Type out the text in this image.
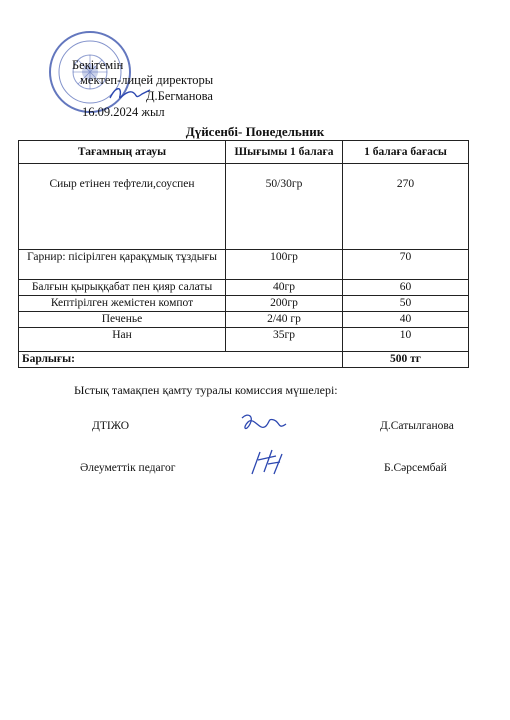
Бекітемін
мектеп-лицей директоры
Д.Бегманова
16.09.2024 жыл
Дүйсенбі- Понедельник
Тағамның атауы	Шығымы 1 балаға	1 балаға бағасы
Сиыр етінен тефтели,соуспен	50/30гр	270
Гарнир: пісірілген қарақұмық тұздығы	100гр	70
Балғын қырыққабат пен қияр салаты	40гр	60
Кептірілген жемістен компот	200гр	50
Печенье	2/40 гр	40
Нан	35гр	10
Барлығы:		500 тг
Ыстық тамақпен қамту туралы комиссия мүшелері:
ДТІЖО	Д.Сатылганова
Әлеуметтік педагог	Б.Сәрсембай
